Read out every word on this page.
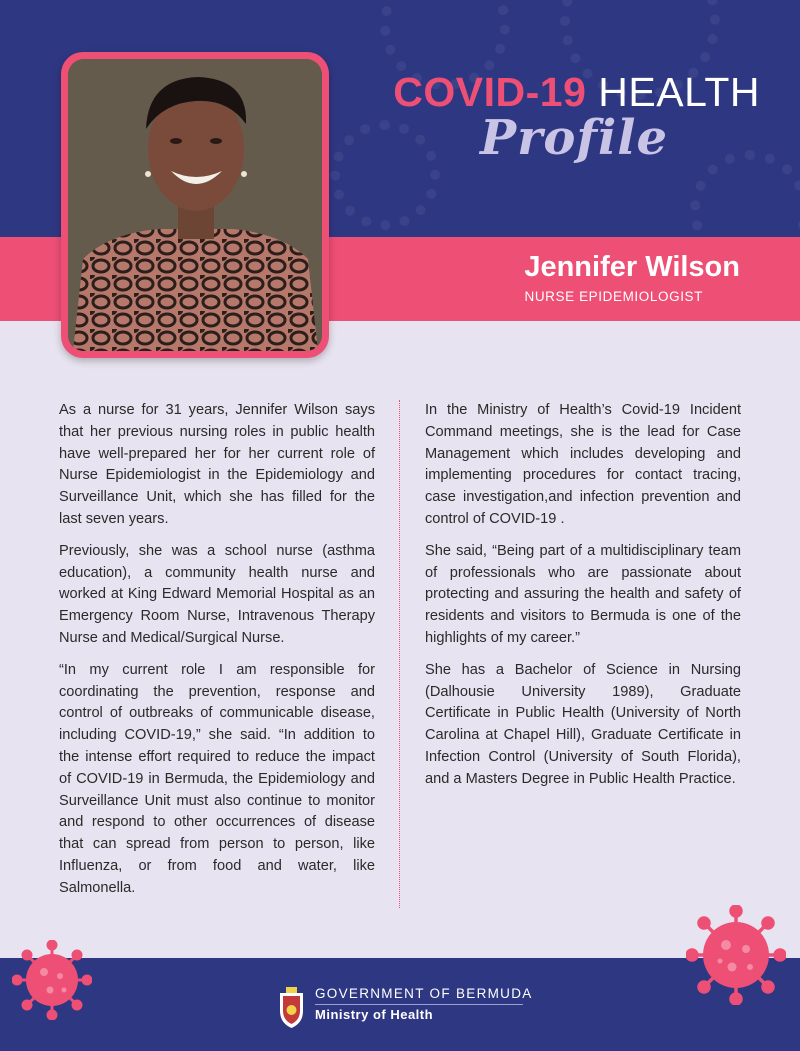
COVID-19 HEALTH
Profile
Jennifer Wilson
NURSE EPIDEMIOLOGIST

As a nurse for 31 years, Jennifer Wilson says that her previous nursing roles in public health have well-prepared her for her current role of Nurse Epidemiologist in the Epidemiology and Surveillance Unit, which she has filled for the last seven years.

Previously, she was a school nurse (asthma education), a community health nurse and worked at King Edward Memorial Hospital as an Emergency Room Nurse, Intravenous Therapy Nurse and Medical/Surgical Nurse.

“In my current role I am responsible for coordinating the prevention, response and control of outbreaks of communicable disease, including COVID-19,” she said. “In addition to the intense effort required to reduce the impact of COVID-19 in Bermuda, the Epidemiology and Surveillance Unit must also continue to monitor and respond to other occurrences of disease that can spread from person to person, like Influenza, or from food and water, like Salmonella.

In the Ministry of Health’s Covid-19 Incident Command meetings, she is the lead for Case Management which includes developing and implementing procedures for contact tracing, case investigation,and infection prevention and control of COVID-19 .

She said, “Being part of a multidisciplinary team of professionals who are passionate about protecting and assuring the health and safety of residents and visitors to Bermuda is one of the highlights of my career.”

She has a Bachelor of Science in Nursing (Dalhousie University 1989), Graduate Certificate in Public Health (University of North Carolina at Chapel Hill), Graduate Certificate in Infection Control (University of South Florida), and a Masters Degree in Public Health Practice.

GOVERNMENT OF BERMUDA
Ministry of Health
